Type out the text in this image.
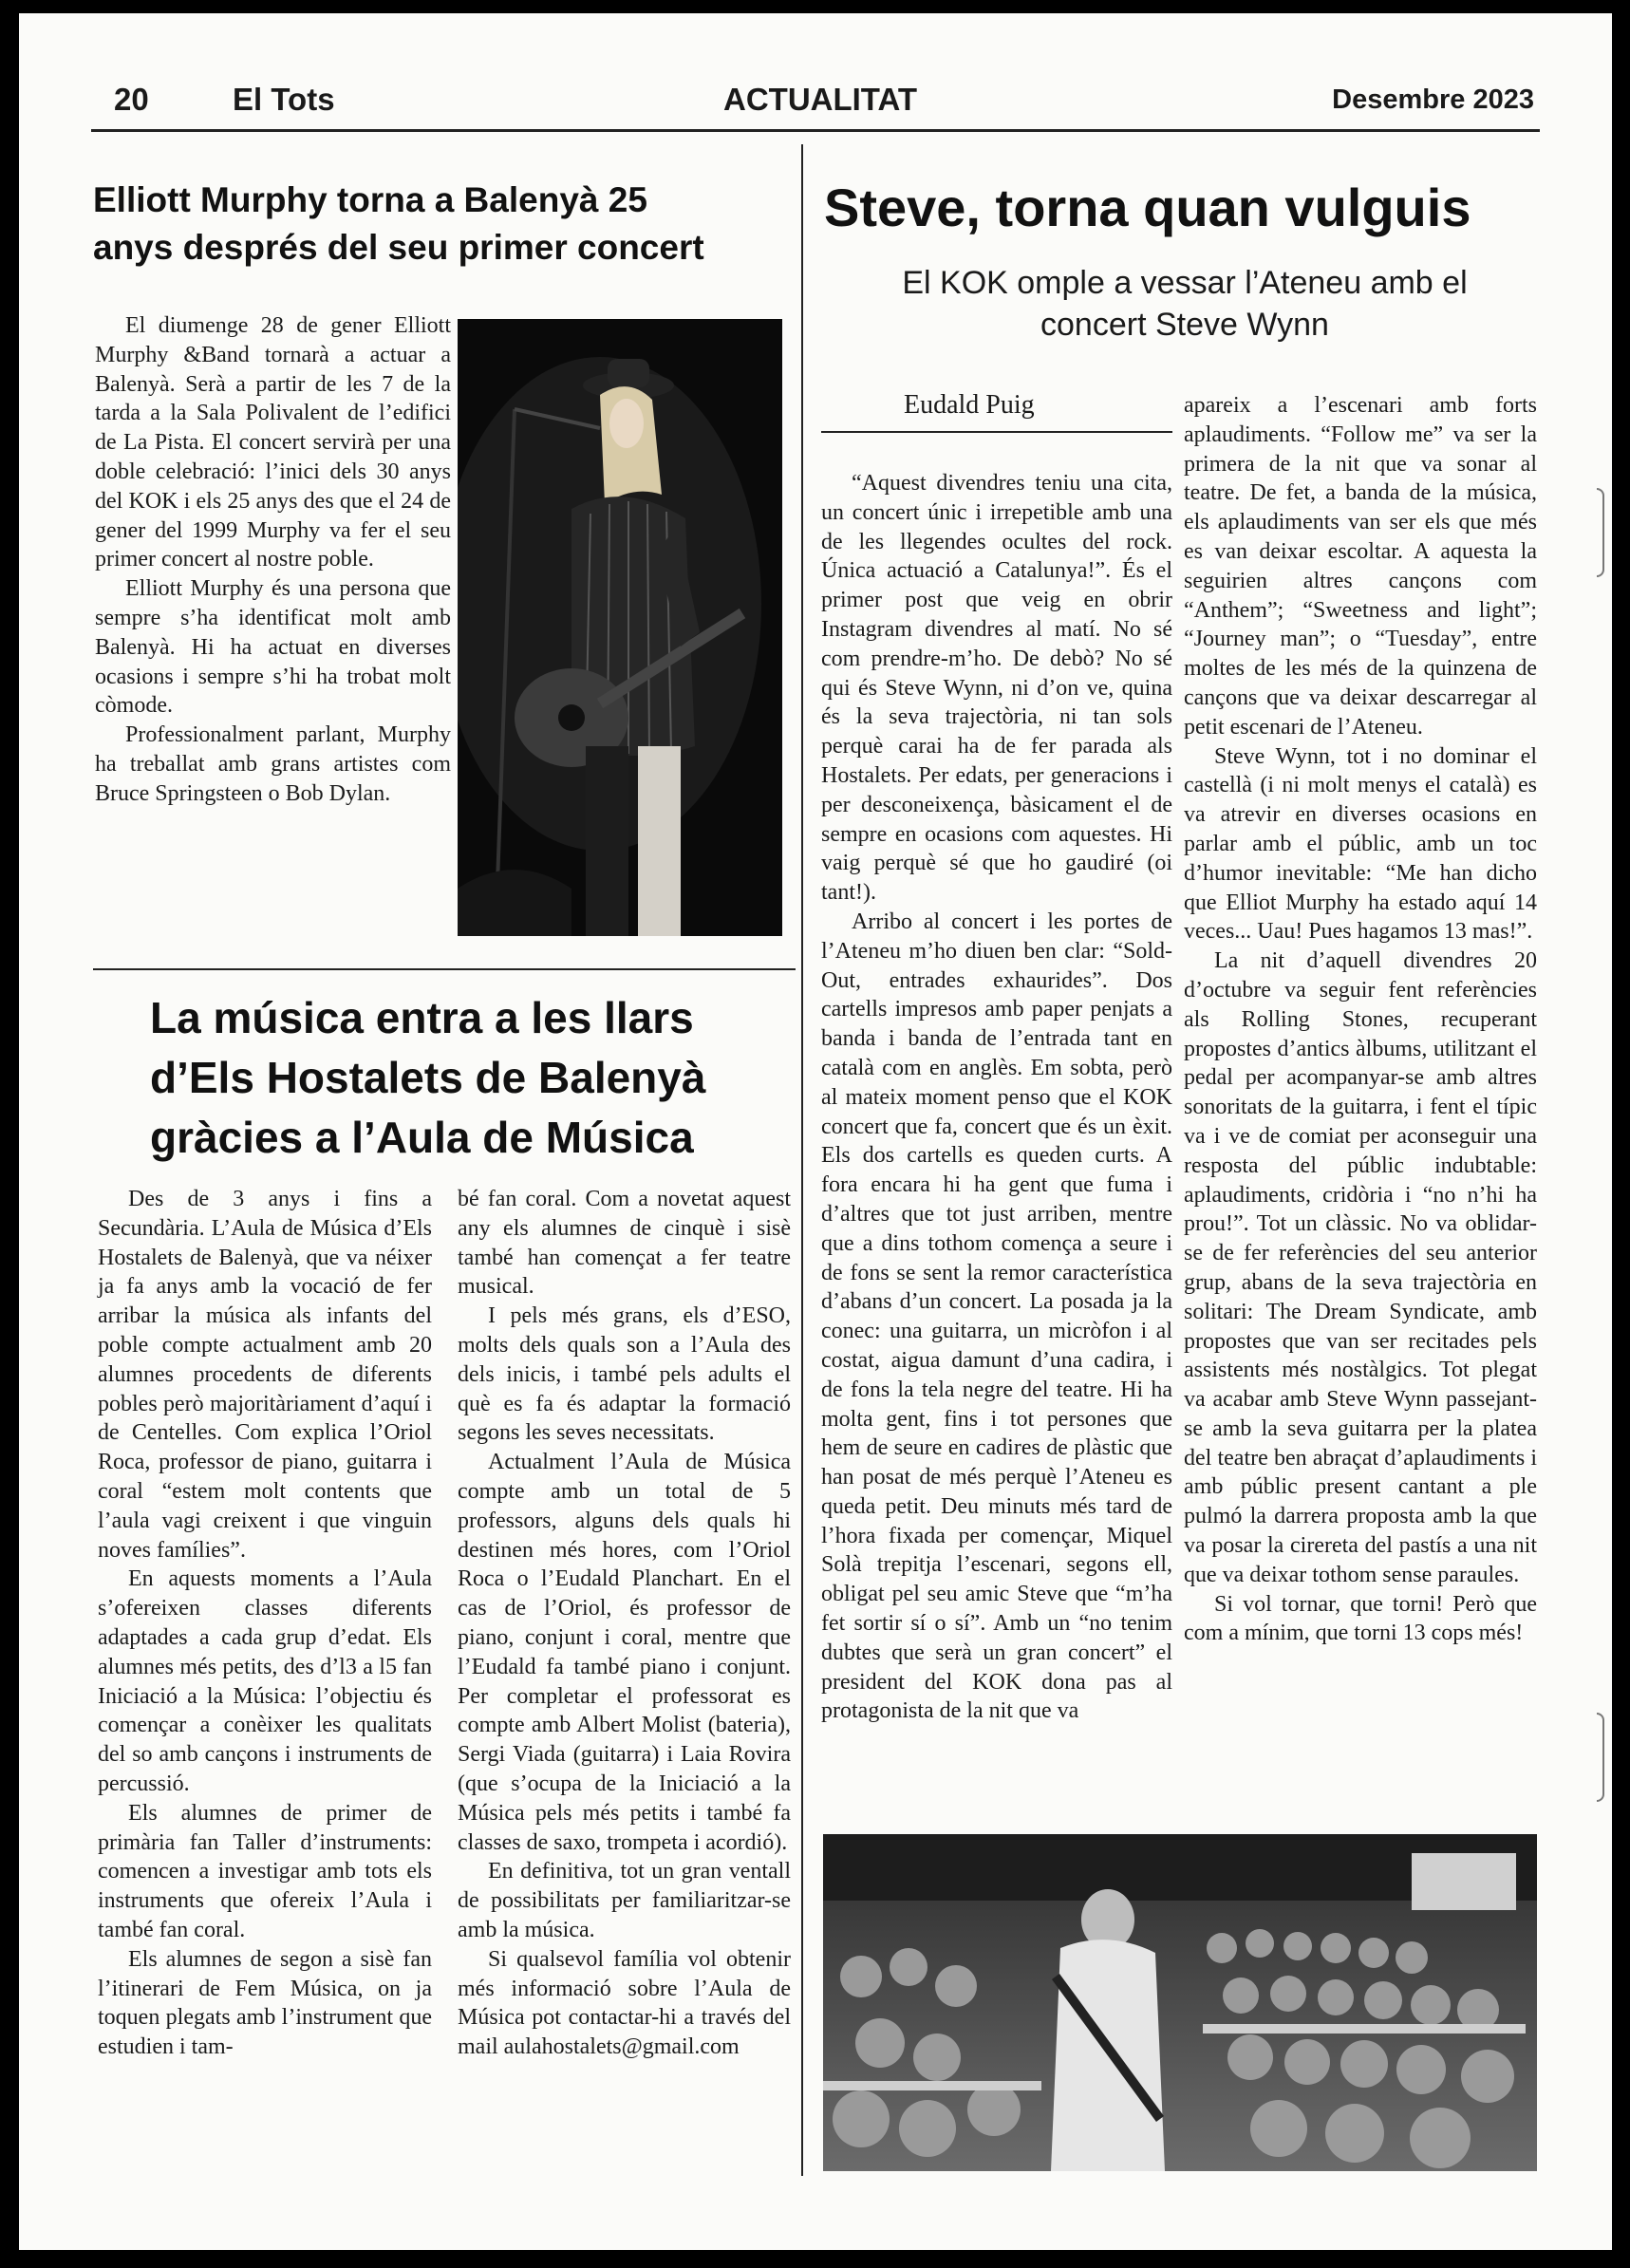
20	El Tots	ACTUALITAT	Desembre 2023
Elliott Murphy torna a Balenyà 25
anys després del seu primer concert

El diumenge 28 de gener Elliott Murphy &Band tornarà a actuar a Balenyà. Serà a partir de les 7 de la tarda a la Sala Polivalent de l’edifici de La Pista. El concert servirà per una doble celebració: l’inici dels 30 anys del KOK i els 25 anys des que el 24 de gener del 1999 Murphy va fer el seu primer concert al nostre poble.

Elliott Murphy és una persona que sempre s’ha identificat molt amb Balenyà. Hi ha actuat en diverses ocasions i sempre s’hi ha trobat molt còmode.

Professionalment parlant, Murphy ha treballat amb grans artistes com Bruce Springsteen o Bob Dylan.

La música entra a les llars
d’Els Hostalets de Balenyà
gràcies a l’Aula de Música

Des de 3 anys i fins a Secundària. L’Aula de Música d’Els Hostalets de Balenyà, que va néixer ja fa anys amb la vocació de fer arribar la música als infants del poble compte actualment amb 20 alumnes procedents de diferents pobles però majoritàriament d’aquí i de Centelles. Com explica l’Oriol Roca, professor de piano, guitarra i coral “estem molt contents que l’aula vagi creixent i que vinguin noves famílies”.

En aquests moments a l’Aula s’ofereixen classes diferents adaptades a cada grup d’edat. Els alumnes més petits, des d’l3 a l5 fan Iniciació a la Música: l’objectiu és començar a conèixer les qualitats del so amb cançons i instruments de percussió.

Els alumnes de primer de primària fan Taller d’instruments: comencen a investigar amb tots els instruments que ofereix l’Aula i també fan coral.

Els alumnes de segon a sisè fan l’itinerari de Fem Música, on ja toquen plegats amb l’instrument que estudien i tam-

bé fan coral. Com a novetat aquest any els alumnes de cinquè i sisè també han començat a fer teatre musical.

I pels més grans, els d’ESO, molts dels quals son a l’Aula des dels inicis, i també pels adults el què es fa és adaptar la formació segons les seves necessitats.

Actualment l’Aula de Música compte amb un total de 5 professors, alguns dels quals hi destinen més hores, com l’Oriol Roca o l’Eudald Planchart. En el cas de l’Oriol, és professor de piano, conjunt i coral, mentre que l’Eudald fa també piano i conjunt. Per completar el professorat es compte amb Albert Molist (bateria), Sergi Viada (guitarra) i Laia Rovira (que s’ocupa de la Iniciació a la Música pels més petits i també fa classes de saxo, trompeta i acordió).

En definitiva, tot un gran ventall de possibilitats per familiaritzar-se amb la música.

Si qualsevol família vol obtenir més informació sobre l’Aula de Música pot contactar-hi a través del mail aulahostalets@gmail.com

Steve, torna quan vulguis
El KOK omple a vessar l’Ateneu amb el
concert Steve Wynn
Eudald Puig

“Aquest divendres teniu una cita, un concert únic i irrepetible amb una de les llegendes ocultes del rock. Única actuació a Catalunya!”. És el primer post que veig en obrir Instagram divendres al matí. No sé com prendre-m’ho. De debò? No sé qui és Steve Wynn, ni d’on ve, quina és la seva trajectòria, ni tan sols perquè carai ha de fer parada als Hostalets. Per edats, per generacions i per desconeixença, bàsicament el de sempre en ocasions com aquestes. Hi vaig perquè sé que ho gaudiré (oi tant!).

Arribo al concert i les portes de l’Ateneu m’ho diuen ben clar: “Sold-Out, entrades exhaurides”. Dos cartells impresos amb paper penjats a banda i banda de l’entrada tant en català com en anglès. Em sobta, però al mateix moment penso que el KOK concert que fa, concert que és un èxit. Els dos cartells es queden curts. A fora encara hi ha gent que fuma i d’altres que tot just arriben, mentre que a dins tothom comença a seure i de fons se sent la remor característica d’abans d’un concert. La posada ja la conec: una guitarra, un micròfon i al costat, aigua damunt d’una cadira, i de fons la tela negre del teatre. Hi ha molta gent, fins i tot persones que hem de seure en cadires de plàstic que han posat de més perquè l’Ateneu es queda petit. Deu minuts més tard de l’hora fixada per començar, Miquel Solà trepitja l’escenari, segons ell, obligat pel seu amic Steve que “m’ha fet sortir sí o sí”. Amb un “no tenim dubtes que serà un gran concert” el president del KOK dona pas al protagonista de la nit que va

apareix a l’escenari amb forts aplaudiments. “Follow me” va ser la primera de la nit que va sonar al teatre. De fet, a banda de la música, els aplaudiments van ser els que més es van deixar escoltar. A aquesta la seguirien altres cançons com “Anthem”; “Sweetness and light”; “Journey man”; o “Tuesday”, entre moltes de les més de la quinzena de cançons que va deixar descarregar al petit escenari de l’Ateneu.

Steve Wynn, tot i no dominar el castellà (i ni molt menys el català) es va atrevir en diverses ocasions en parlar amb el públic, amb un toc d’humor inevitable: “Me han dicho que Elliot Murphy ha estado aquí 14 veces... Uau! Pues hagamos 13 mas!”.

La nit d’aquell divendres 20 d’octubre va seguir fent referències als Rolling Stones, recuperant propostes d’antics àlbums, utilitzant el pedal per acompanyar-se amb altres sonoritats de la guitarra, i fent el típic va i ve de comiat per aconseguir una resposta del públic indubtable: aplaudiments, cridòria i “no n’hi ha prou!”. Tot un clàssic. No va oblidar-se de fer referències del seu anterior grup, abans de la seva trajectòria en solitari: The Dream Syndicate, amb propostes que van ser recitades pels assistents més nostàlgics. Tot plegat va acabar amb Steve Wynn passejant-se amb la seva guitarra per la platea del teatre ben abraçat d’aplaudiments i amb públic present cantant a ple pulmó la darrera proposta amb la que va posar la cirereta del pastís a una nit que va deixar tothom sense paraules.

Si vol tornar, que torni! Però que com a mínim, que torni 13 cops més!
